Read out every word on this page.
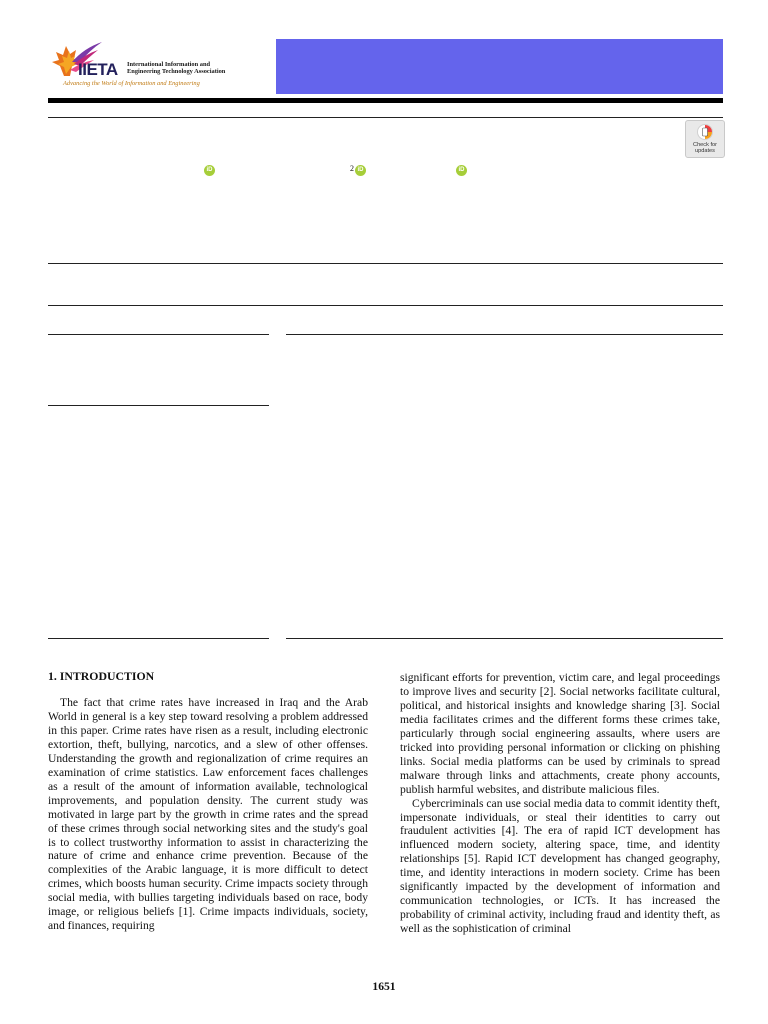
IIETA International Information and
Engineering Technology Association
Advancing the World of Information and Engineering
Check for
updates
iD	2 iD	iD
1. INTRODUCTION

The fact that crime rates have increased in Iraq and the Arab World in general is a key step toward resolving a problem addressed in this paper. Crime rates have risen as a result, including electronic extortion, theft, bullying, narcotics, and a slew of other offenses. Understanding the growth and regionalization of crime requires an examination of crime statistics. Law enforcement faces challenges as a result of the amount of information available, technological improvements, and population density. The current study was motivated in large part by the growth in crime rates and the spread of these crimes through social networking sites and the study's goal is to collect trustworthy information to assist in characterizing the nature of crime and enhance crime prevention. Because of the complexities of the Arabic language, it is more difficult to detect crimes, which boosts human security. Crime impacts society through social media, with bullies targeting individuals based on race, body image, or religious beliefs [1]. Crime impacts individuals, society, and finances, requiring

significant efforts for prevention, victim care, and legal proceedings to improve lives and security [2]. Social networks facilitate cultural, political, and historical insights and knowledge sharing [3]. Social media facilitates crimes and the different forms these crimes take, particularly through social engineering assaults, where users are tricked into providing personal information or clicking on phishing links. Social media platforms can be used by criminals to spread malware through links and attachments, create phony accounts, publish harmful websites, and distribute malicious files.

Cybercriminals can use social media data to commit identity theft, impersonate individuals, or steal their identities to carry out fraudulent activities [4]. The era of rapid ICT development has influenced modern society, altering space, time, and identity relationships [5]. Rapid ICT development has changed geography, time, and identity interactions in modern society. Crime has been significantly impacted by the development of information and communication technologies, or ICTs. It has increased the probability of criminal activity, including fraud and identity theft, as well as the sophistication of criminal

1651
